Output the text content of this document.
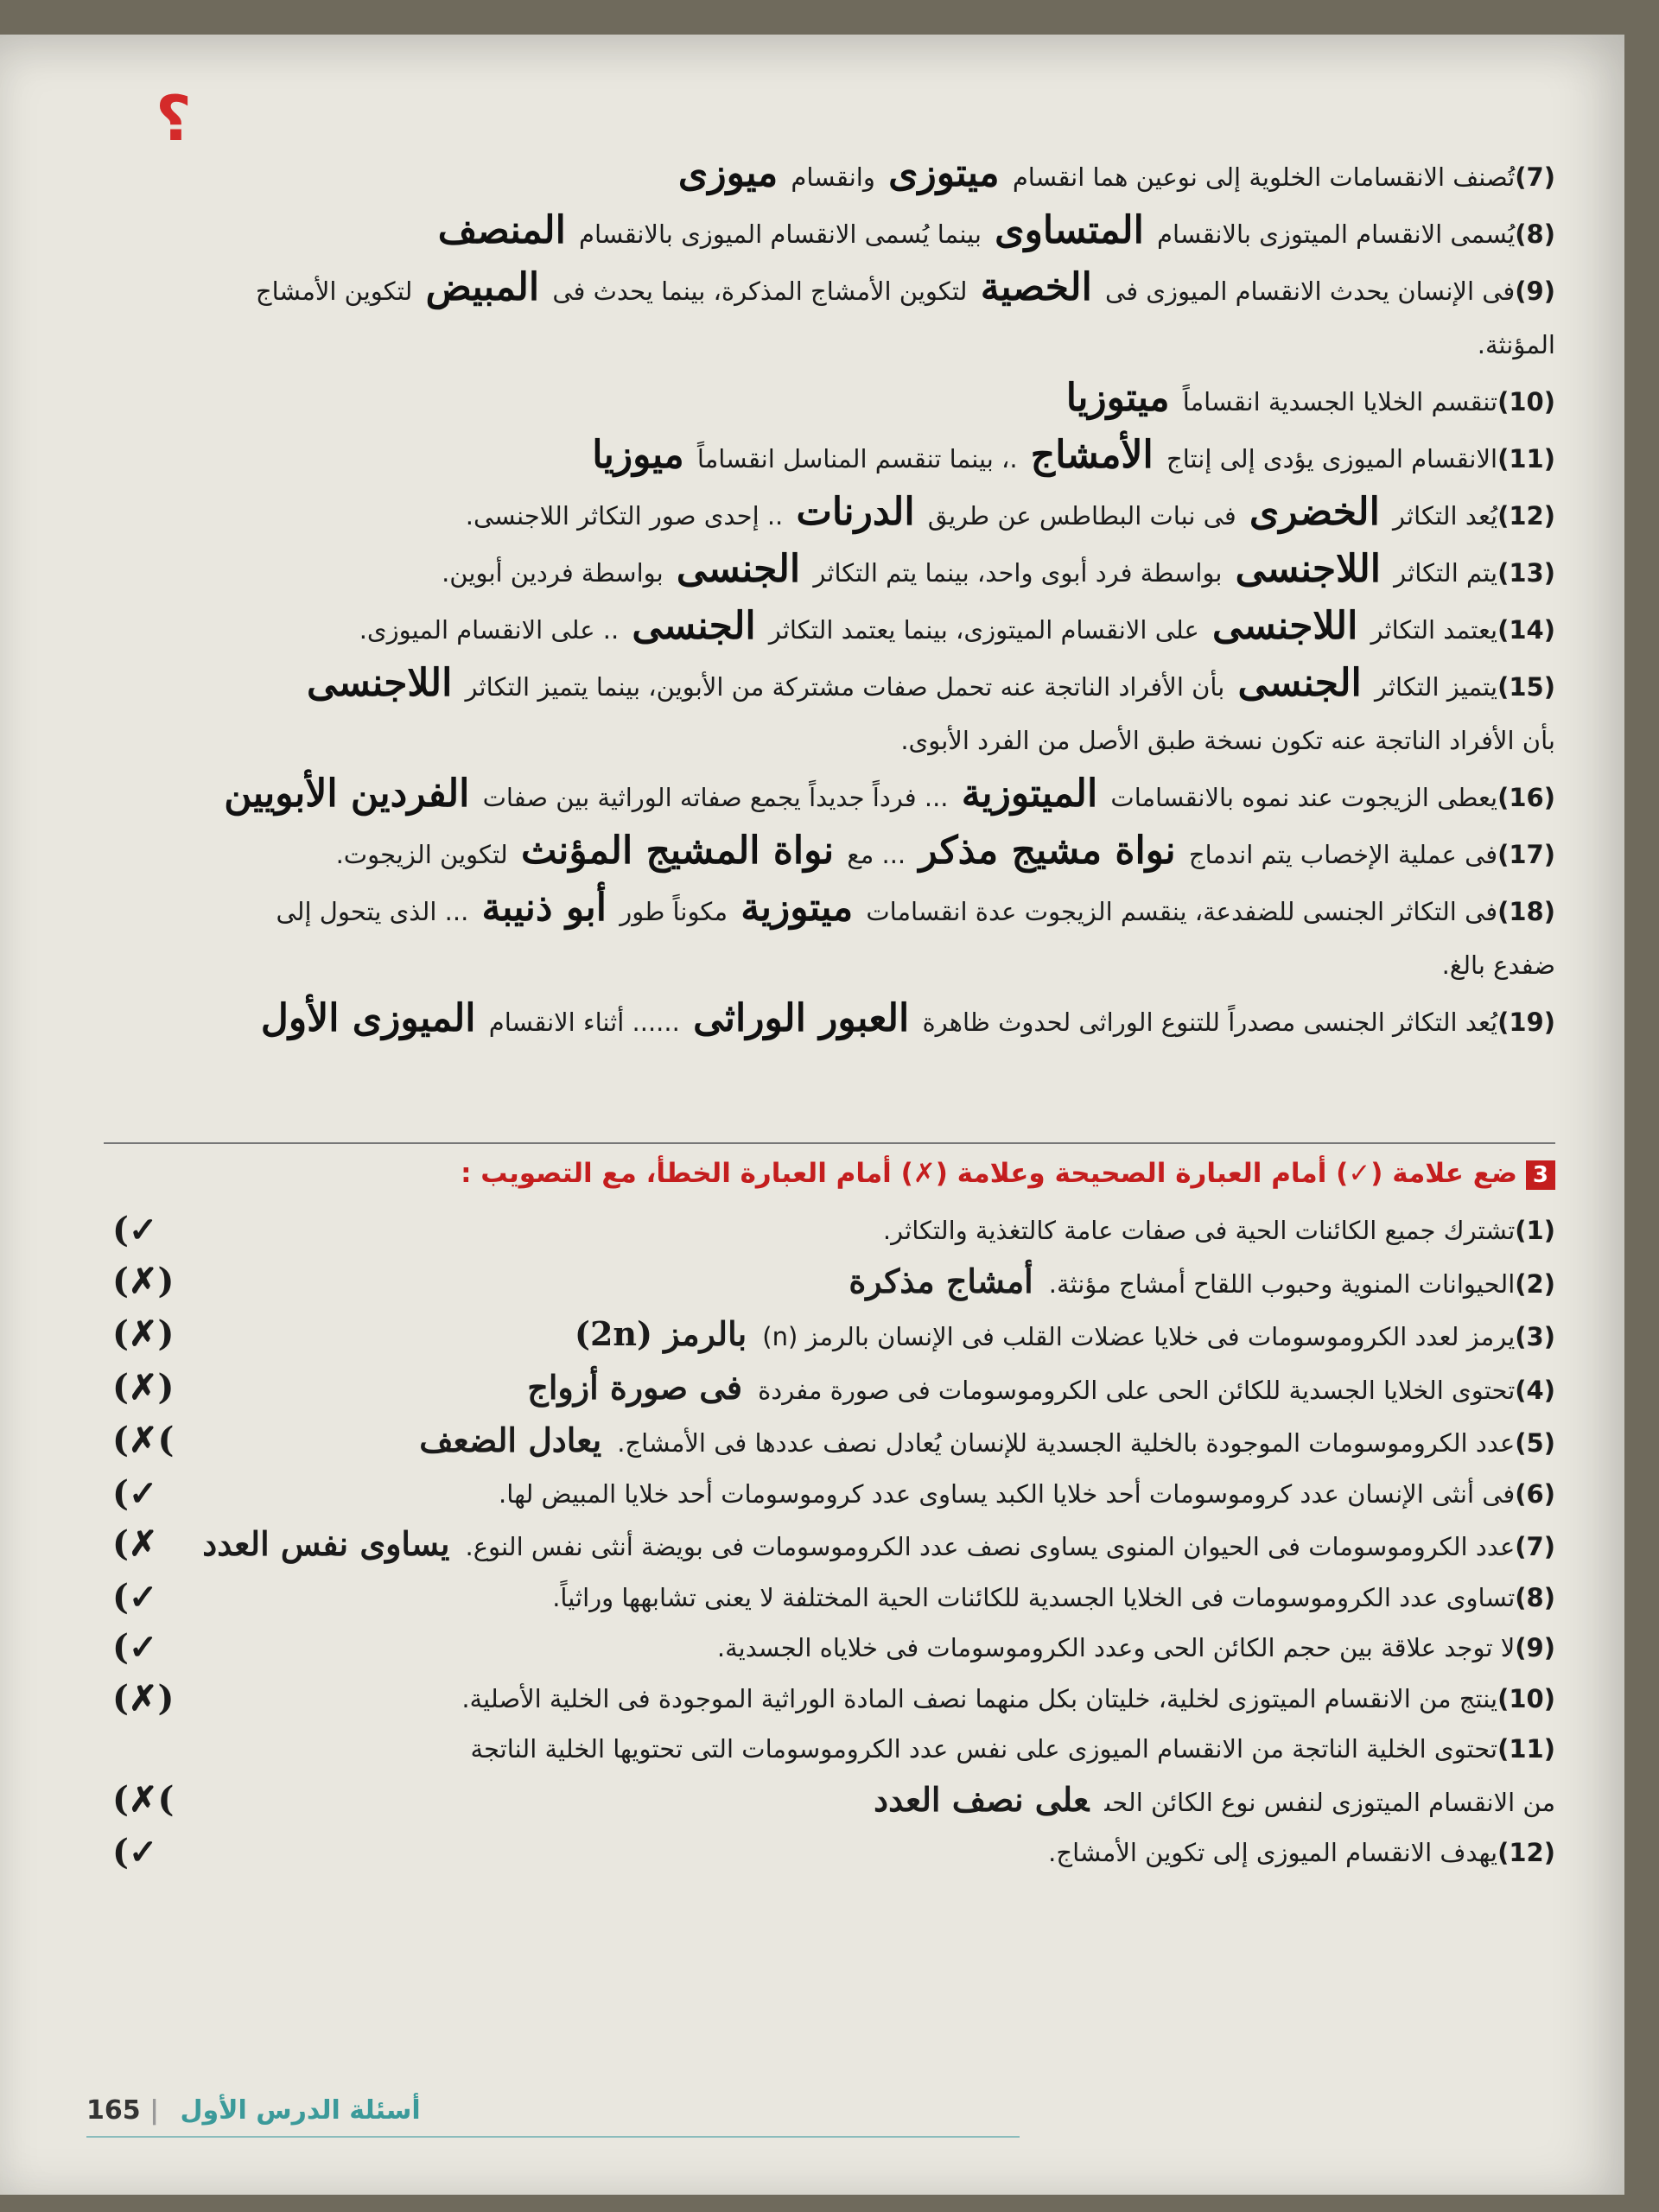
؟
(7)تُصنف الانقسامات الخلوية إلى نوعين هما انقسام ميتوزى وانقسام ميوزى
(8)يُسمى الانقسام الميتوزى بالانقسام المتساوى بينما يُسمى الانقسام الميوزى بالانقسام المنصف
(9)فى الإنسان يحدث الانقسام الميوزى فى الخصية لتكوين الأمشاج المذكرة، بينما يحدث فى المبيض لتكوين الأمشاج
المؤنثة.
(10)تنقسم الخلايا الجسدية انقساماً ميتوزيا
(11)الانقسام الميوزى يؤدى إلى إنتاج الأمشاج .، بينما تنقسم المناسل انقساماً ميوزيا
(12)يُعد التكاثر الخضرى فى نبات البطاطس عن طريق الدرنات .. إحدى صور التكاثر اللاجنسى.
(13)يتم التكاثر اللاجنسى بواسطة فرد أبوى واحد، بينما يتم التكاثر الجنسى بواسطة فردين أبوين.
(14)يعتمد التكاثر اللاجنسى على الانقسام الميتوزى، بينما يعتمد التكاثر الجنسى .. على الانقسام الميوزى.
(15)يتميز التكاثر الجنسى بأن الأفراد الناتجة عنه تحمل صفات مشتركة من الأبوين، بينما يتميز التكاثر اللاجنسى
بأن الأفراد الناتجة عنه تكون نسخة طبق الأصل من الفرد الأبوى.
(16)يعطى الزيجوت عند نموه بالانقسامات الميتوزية ... فرداً جديداً يجمع صفاته الوراثية بين صفات الفردين الأبويين
(17)فى عملية الإخصاب يتم اندماج نواة مشيج مذكر ... مع نواة المشيج المؤنث لتكوين الزيجوت.
(18)فى التكاثر الجنسى للضفدعة، ينقسم الزيجوت عدة انقسامات ميتوزية مكوناً طور أبو ذنيبة ... الذى يتحول إلى
ضفدع بالغ.
(19)يُعد التكاثر الجنسى مصدراً للتنوع الوراثى لحدوث ظاهرة العبور الوراثى ...... أثناء الانقسام الميوزى الأول
3ضع علامة (✓) أمام العبارة الصحيحة وعلامة (✗) أمام العبارة الخطأ، مع التصويب :
(1)تشترك جميع الكائنات الحية فى صفات عامة كالتغذية والتكاثر.
(✓
(2)الحيوانات المنوية وحبوب اللقاح أمشاج مؤنثة.أمشاج مذكرة
(✗)
(3)يرمز لعدد الكروموسومات فى خلايا عضلات القلب فى الإنسان بالرمز (n)بالرمز (2n)
(✗)
(4)تحتوى الخلايا الجسدية للكائن الحى على الكروموسومات فى صورة مفردةفى صورة أزواج
(✗)
(5)عدد الكروموسومات الموجودة بالخلية الجسدية للإنسان يُعادل نصف عددها فى الأمشاج.يعادل الضعف
(✗(
(6)فى أنثى الإنسان عدد كروموسومات أحد خلايا الكبد يساوى عدد كروموسومات أحد خلايا المبيض لها.
(✓
(7)عدد الكروموسومات فى الحيوان المنوى يساوى نصف عدد الكروموسومات فى بويضة أنثى نفس النوع.يساوى نفس العدد
(✗
(8)تساوى عدد الكروموسومات فى الخلايا الجسدية للكائنات الحية المختلفة لا يعنى تشابهها وراثياً.
(✓
(9)لا توجد علاقة بين حجم الكائن الحى وعدد الكروموسومات فى خلاياه الجسدية.
(✓
(10)ينتج من الانقسام الميتوزى لخلية، خليتان بكل منهما نصف المادة الوراثية الموجودة فى الخلية الأصلية.
(✗)
(11)تحتوى الخلية الناتجة من الانقسام الميوزى على نفس عدد الكروموسومات التى تحتويها الخلية الناتجة
من الانقسام الميتوزى لنفس نوع الكائن الحىعلى نصف العدد
(✗(
(12)يهدف الانقسام الميوزى إلى تكوين الأمشاج.
(✓
165 | أسئلة الدرس الأول
